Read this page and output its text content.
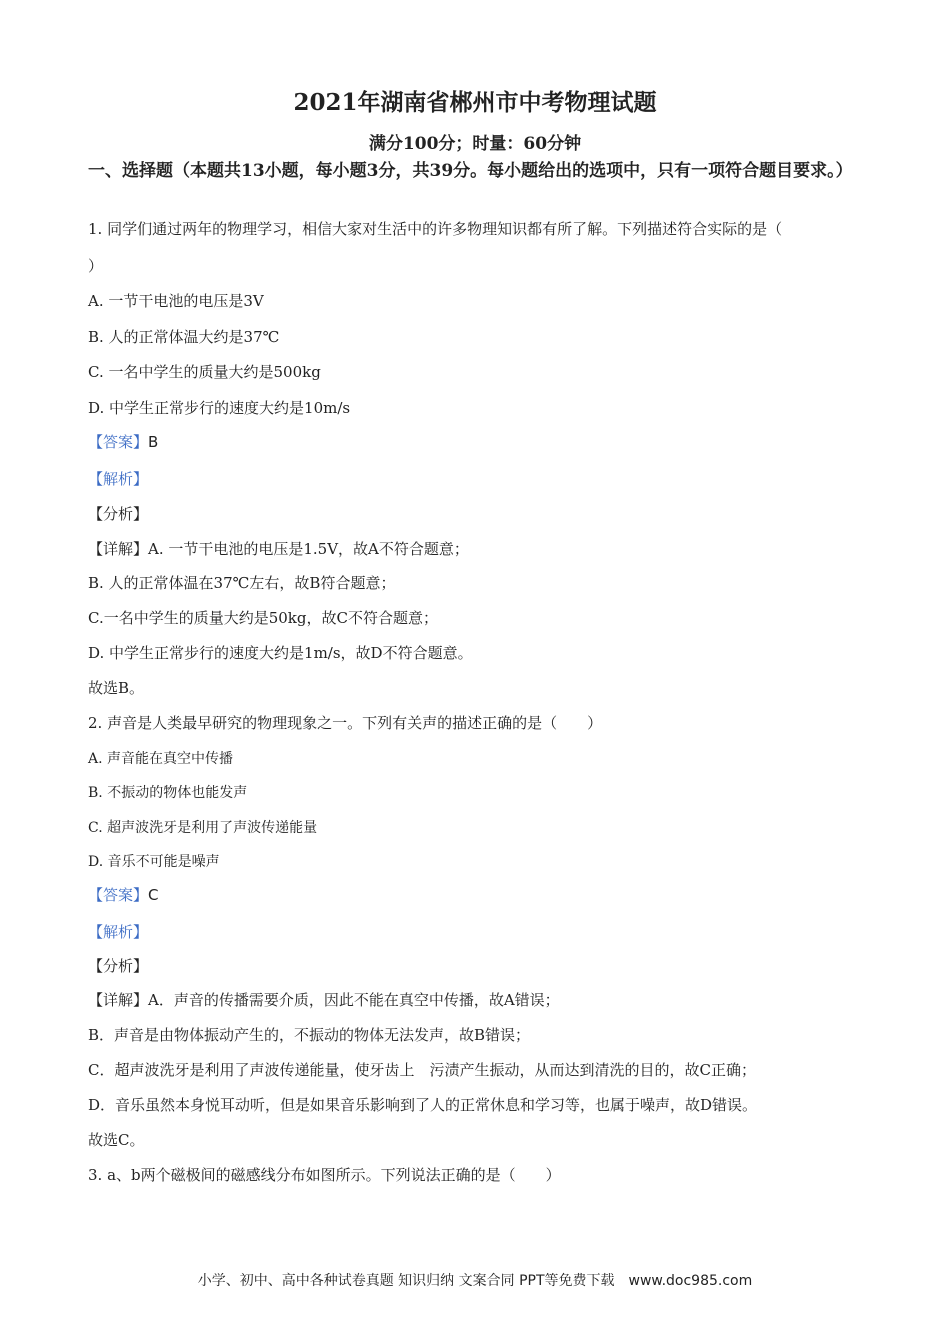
2021年湖南省郴州市中考物理试题
满分100分；时量：60分钟
一、选择题（本题共13小题，每小题3分，共39分。每小题给出的选项中，只有一项符合题目要求。）
1. 同学们通过两年的物理学习，相信大家对生活中的许多物理知识都有所了解。下列描述符合实际的是（
）
A. 一节干电池的电压是3V
B. 人的正常体温大约是37℃
C. 一名中学生的质量大约是500kg
D. 中学生正常步行的速度大约是10m/s
【答案】B
【解析】
【分析】
【详解】A. 一节干电池的电压是1.5V，故A不符合题意；
B. 人的正常体温在37℃左右，故B符合题意；
C.一名中学生的质量大约是50kg，故C不符合题意；
D. 中学生正常步行的速度大约是1m/s，故D不符合题意。
故选B。
2. 声音是人类最早研究的物理现象之一。下列有关声的描述正确的是（　　）
A. 声音能在真空中传播
B. 不振动的物体也能发声
C. 超声波洗牙是利用了声波传递能量
D. 音乐不可能是噪声
【答案】C
【解析】
【分析】
【详解】A．声音的传播需要介质，因此不能在真空中传播，故A错误；
B．声音是由物体振动产生的，不振动的物体无法发声，故B错误；
C．超声波洗牙是利用了声波传递能量，使牙齿上　污渍产生振动，从而达到清洗的目的，故C正确；
D．音乐虽然本身悦耳动听，但是如果音乐影响到了人的正常休息和学习等，也属于噪声，故D错误。
故选C。
3. a、b两个磁极间的磁感线分布如图所示。下列说法正确的是（　　）
小学、初中、高中各种试卷真题 知识归纳 文案合同 PPT等免费下载　www.doc985.com
